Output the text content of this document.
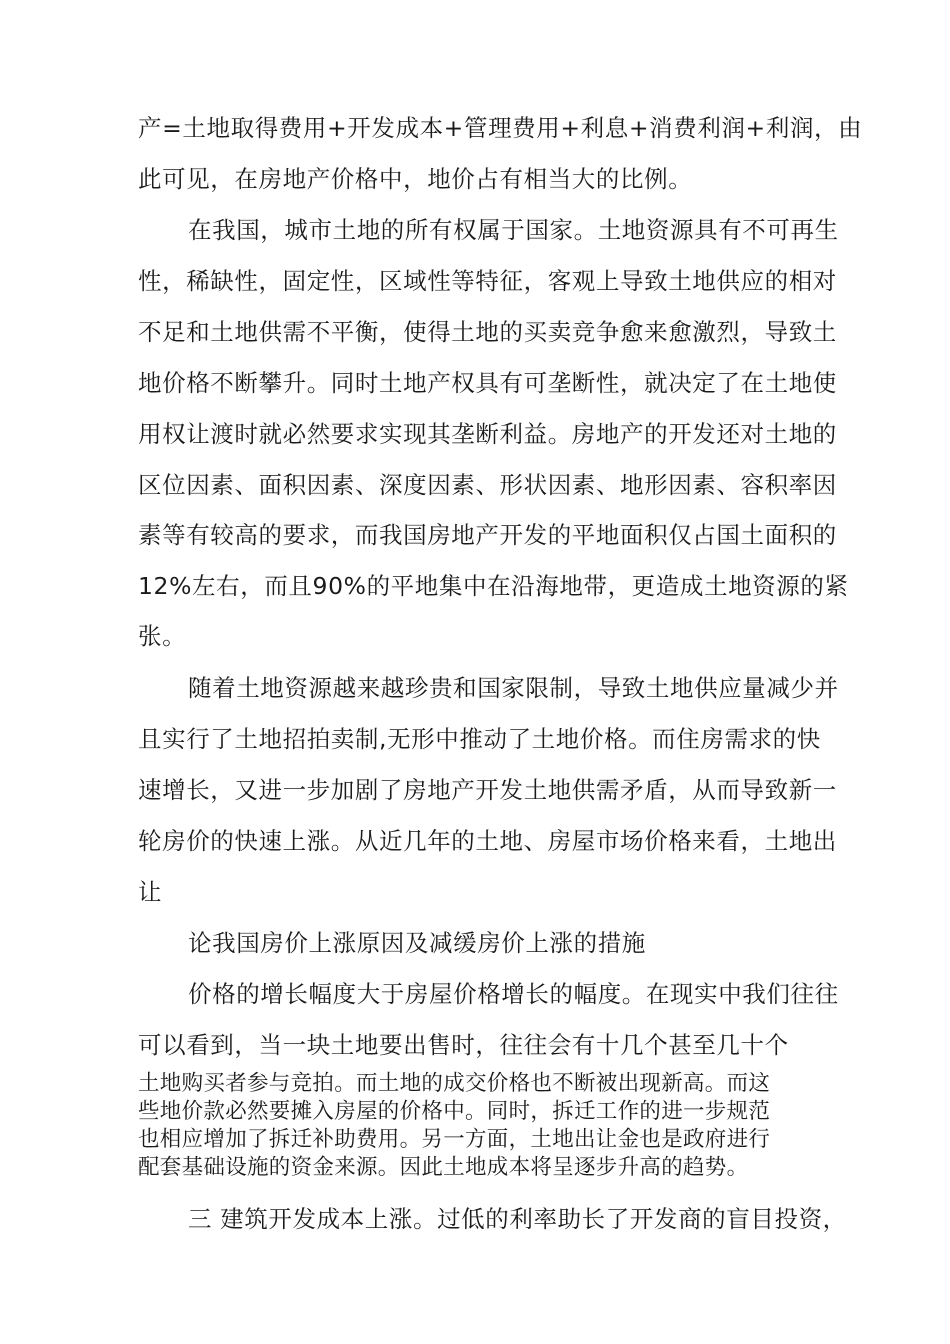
产=土地取得费用+开发成本+管理费用+利息+消费利润+利润，由
此可见，在房地产价格中，地价占有相当大的比例。
在我国，城市土地的所有权属于国家。土地资源具有不可再生
性，稀缺性，固定性，区域性等特征，客观上导致土地供应的相对
不足和土地供需不平衡，使得土地的买卖竞争愈来愈激烈，导致土
地价格不断攀升。同时土地产权具有可垄断性，就决定了在土地使
用权让渡时就必然要求实现其垄断利益。房地产的开发还对土地的
区位因素、面积因素、深度因素、形状因素、地形因素、容积率因
素等有较高的要求，而我国房地产开发的平地面积仅占国土面积的
12%左右，而且90%的平地集中在沿海地带，更造成土地资源的紧
张。
随着土地资源越来越珍贵和国家限制，导致土地供应量减少并
且实行了土地招拍卖制,无形中推动了土地价格。而住房需求的快
速增长，又进一步加剧了房地产开发土地供需矛盾，从而导致新一
轮房价的快速上涨。从近几年的土地、房屋市场价格来看，土地出
让
论我国房价上涨原因及减缓房价上涨的措施
价格的增长幅度大于房屋价格增长的幅度。在现实中我们往往
可以看到，当一块土地要出售时，往往会有十几个甚至几十个
土地购买者参与竞拍。而土地的成交价格也不断被出现新高。而这
些地价款必然要摊入房屋的价格中。同时，拆迁工作的进一步规范
也相应增加了拆迁补助费用。另一方面，土地出让金也是政府进行
配套基础设施的资金来源。因此土地成本将呈逐步升高的趋势。
三 建筑开发成本上涨。过低的利率助长了开发商的盲目投资，
